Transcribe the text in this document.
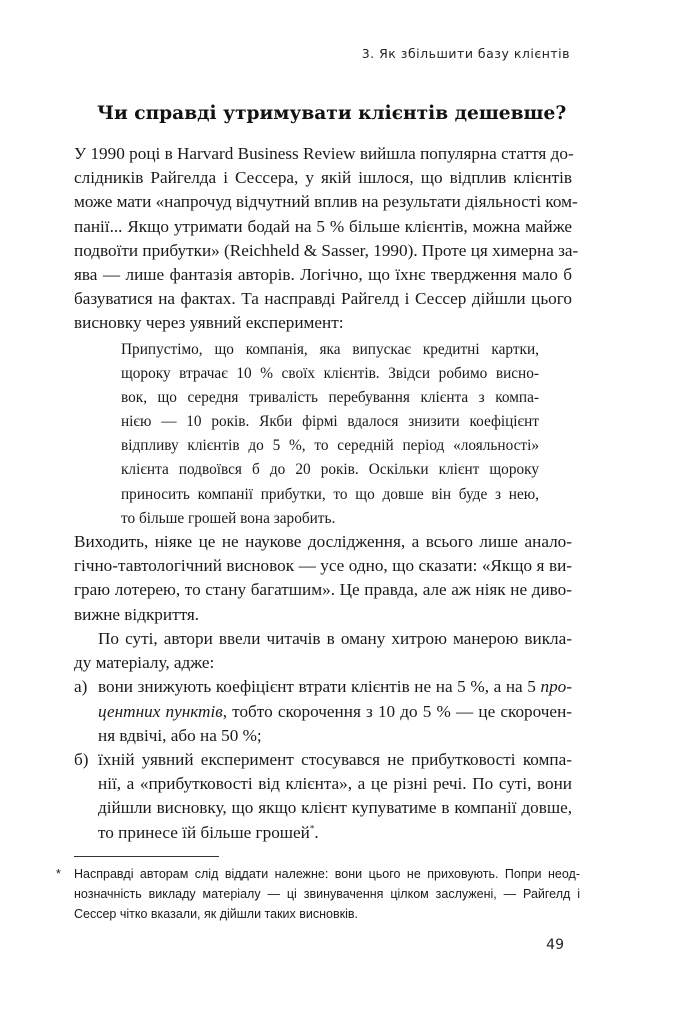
3. Як збільшити базу клієнтів
Чи справді утримувати клієнтів дешевше?
У 1990 році в Harvard Business Review вийшла популярна стаття до-
слідників Райгелда і Сессера, у якій ішлося, що відплив клієнтів
може мати «напрочуд відчутний вплив на результати діяльності ком-
панії... Якщо утримати бодай на 5 % більше клієнтів, можна майже
подвоїти прибутки» (Reichheld & Sasser, 1990). Проте ця химерна за-
ява — лише фантазія авторів. Логічно, що їхнє твердження мало б
базуватися на фактах. Та насправді Райгелд і Сессер дійшли цього
висновку через уявний експеримент:
Припустімо, що компанія, яка випускає кредитні картки,
щороку втрачає 10 % своїх клієнтів. Звідси робимо висно-
вок, що середня тривалість перебування клієнта з компа-
нією — 10 років. Якби фірмі вдалося знизити коефіцієнт
відпливу клієнтів до 5 %, то середній період «лояльності»
клієнта подвоївся б до 20 років. Оскільки клієнт щороку
приносить компанії прибутки, то що довше він буде з нею,
то більше грошей вона заробить.
Виходить, ніяке це не наукове дослідження, а всього лише анало-
гічно-тавтологічний висновок — усе одно, що сказати: «Якщо я ви-
граю лотерею, то стану багатшим». Це правда, але аж ніяк не диво-
вижне відкриття.
По суті, автори ввели читачів в оману хитрою манерою виклa-
ду матеріалу, адже:
а) вони знижують коефіцієнт втрати клієнтів не на 5 %, а на 5 про-
центних пунктів, тобто скорочення з 10 до 5 % — це скорочен-
ня вдвічі, або на 50 %;
б) їхній уявний експеримент стосувався не прибутковості компа-
нії, а «прибутковості від клієнта», а це різні речі. По суті, вони
дійшли висновку, що якщо клієнт купуватиме в компанії довше,
то принесе їй більше грошей*.
* Насправді авторам слід віддати належне: вони цього не приховують. Попри неод-
нозначність викладу матеріалу — ці звинувачення цілком заслужені, — Райгелд і
Сессер чітко вказали, як дійшли таких висновків.
49
